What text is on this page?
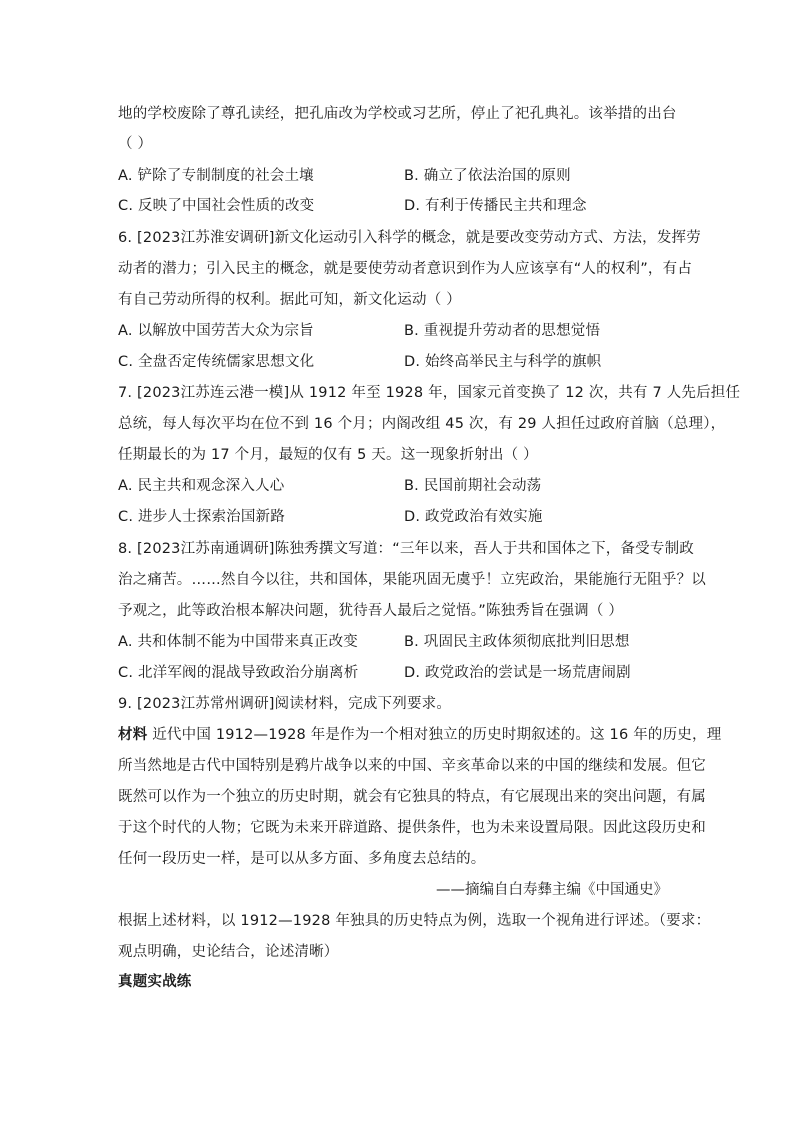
地的学校废除了尊孔读经，把孔庙改为学校或习艺所，停止了祀孔典礼。该举措的出台
（ ）
A. 铲除了专制制度的社会土壤	B. 确立了依法治国的原则
C. 反映了中国社会性质的改变	D. 有利于传播民主共和理念
6. [2023江苏淮安调研]新文化运动引入科学的概念，就是要改变劳动方式、方法，发挥劳
动者的潜力；引入民主的概念，就是要使劳动者意识到作为人应该享有“人的权利”，有占
有自己劳动所得的权利。据此可知，新文化运动（ ）
A. 以解放中国劳苦大众为宗旨	B. 重视提升劳动者的思想觉悟
C. 全盘否定传统儒家思想文化	D. 始终高举民主与科学的旗帜
7. [2023江苏连云港一模]从 1912 年至 1928 年，国家元首变换了 12 次，共有 7 人先后担任
总统，每人每次平均在位不到 16 个月；内阁改组 45 次，有 29 人担任过政府首脑（总理），
任期最长的为 17 个月，最短的仅有 5 天。这一现象折射出（ ）
A. 民主共和观念深入人心	B. 民国前期社会动荡
C. 进步人士探索治国新路	D. 政党政治有效实施
8. [2023江苏南通调研]陈独秀撰文写道：“三年以来，吾人于共和国体之下，备受专制政
治之痛苦。……然自今以往，共和国体，果能巩固无虞乎！立宪政治，果能施行无阻乎？以
予观之，此等政治根本解决问题，犹待吾人最后之觉悟。”陈独秀旨在强调（ ）
A. 共和体制不能为中国带来真正改变	B. 巩固民主政体须彻底批判旧思想
C. 北洋军阀的混战导致政治分崩离析	D. 政党政治的尝试是一场荒唐闹剧
9. [2023江苏常州调研]阅读材料，完成下列要求。
材料 近代中国 1912—1928 年是作为一个相对独立的历史时期叙述的。这 16 年的历史，理
所当然地是古代中国特别是鸦片战争以来的中国、辛亥革命以来的中国的继续和发展。但它
既然可以作为一个独立的历史时期，就会有它独具的特点，有它展现出来的突出问题，有属
于这个时代的人物；它既为未来开辟道路、提供条件，也为未来设置局限。因此这段历史和
任何一段历史一样，是可以从多方面、多角度去总结的。
——摘编自白寿彝主编《中国通史》
根据上述材料，以 1912—1928 年独具的历史特点为例，选取一个视角进行评述。（要求：
观点明确，史论结合，论述清晰）
真题实战练
